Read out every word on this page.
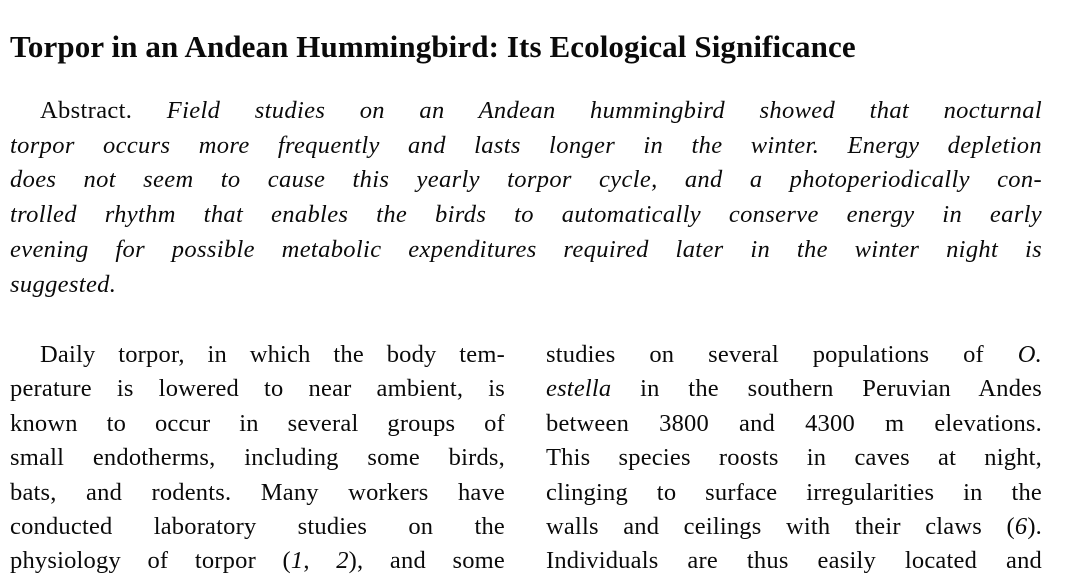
Torpor in an Andean Hummingbird: Its Ecological Significance
Abstract. Field studies on an Andean hummingbird showed that nocturnal
torpor occurs more frequently and lasts longer in the winter. Energy depletion
does not seem to cause this yearly torpor cycle, and a photoperiodically con-
trolled rhythm that enables the birds to automatically conserve energy in early
evening for possible metabolic expenditures required later in the winter night is
suggested.
Daily torpor, in which the body tem-
perature is lowered to near ambient, is
known to occur in several groups of
small endotherms, including some birds,
bats, and rodents. Many workers have
conducted laboratory studies on the
physiology of torpor (1, 2), and some
studies on several populations of O.
estella in the southern Peruvian Andes
between 3800 and 4300 m elevations.
This species roosts in caves at night,
clinging to surface irregularities in the
walls and ceilings with their claws (6).
Individuals are thus easily located and
